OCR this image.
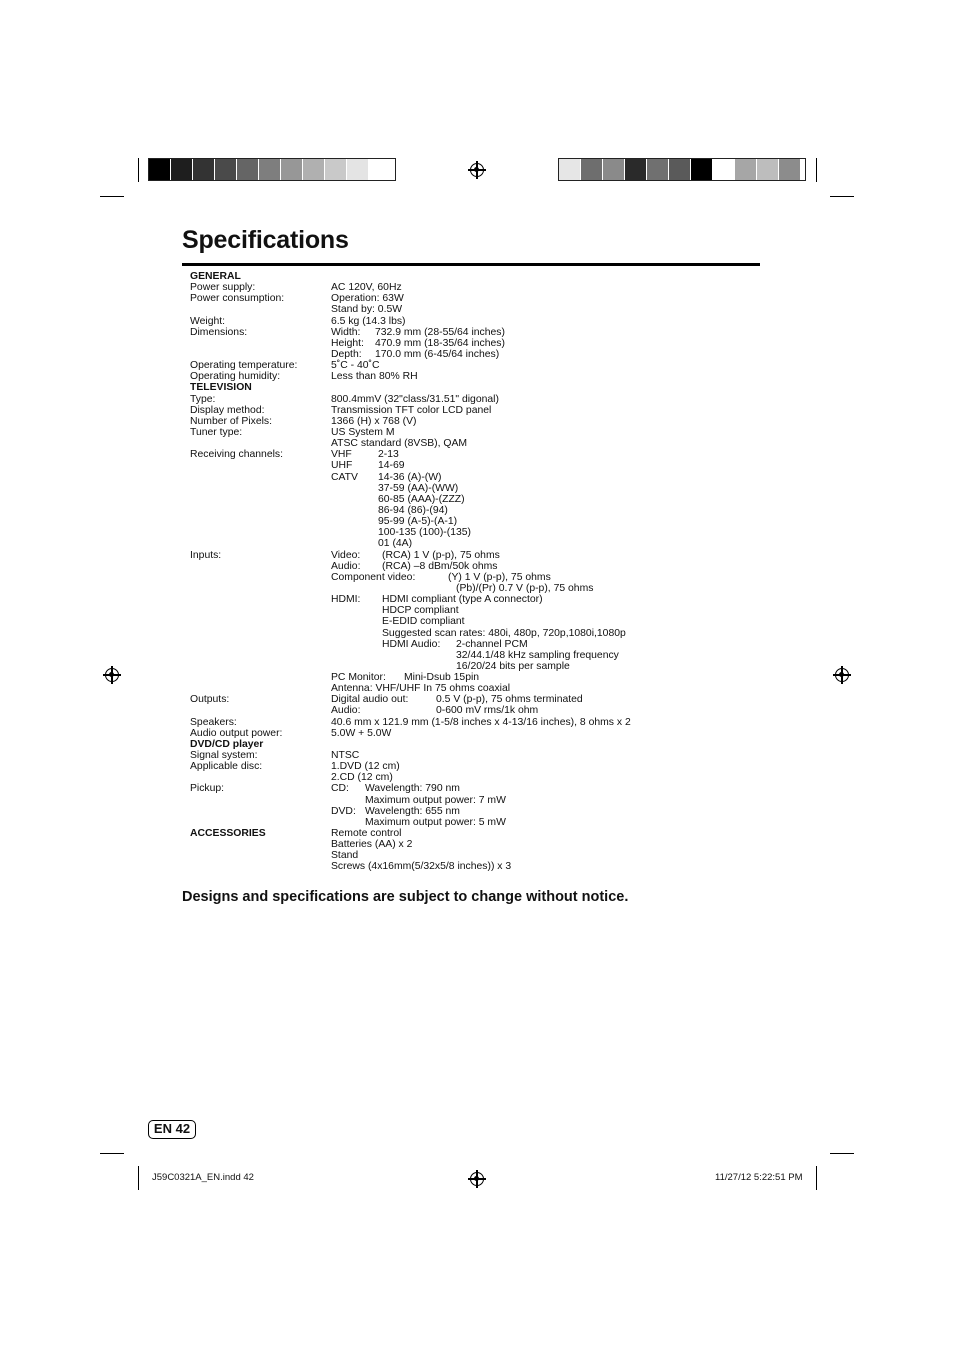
Specifications
GENERAL
Power supply:	AC 120V, 60Hz
Power consumption:	Operation: 63W
Stand by: 0.5W
Weight:	6.5 kg (14.3 lbs)
Dimensions:	Width: 732.9 mm (28-55/64 inches)
Height: 470.9 mm (18-35/64 inches)
Depth: 170.0 mm (6-45/64 inches)
Operating temperature:	5˚C - 40˚C
Operating humidity:	Less than 80% RH
TELEVISION
Type:	800.4mmV (32"class/31.51" digonal)
Display method:	Transmission TFT color LCD panel
Number of Pixels:	1366 (H) x 768 (V)
Tuner type:	US System M
ATSC standard (8VSB), QAM
Receiving channels:	VHF	2-13
UHF 14-69
CATV 14-36 (A)-(W)
37-59 (AA)-(WW)
60-85 (AAA)-(ZZZ)
86-94 (86)-(94)
95-99 (A-5)-(A-1)
100-135 (100)-(135)
01 (4A)
Inputs:	Video: (RCA) 1 V (p-p), 75 ohms
Audio: (RCA) –8 dBm/50k ohms
Component video:	(Y) 1 V (p-p), 75 ohms
(Pb)/(Pr) 0.7 V (p-p), 75 ohms
HDMI: HDMI compliant (type A connector)
HDCP compliant
E-EDID compliant
Suggested scan rates: 480i, 480p, 720p,1080i,1080p
HDMI Audio: 2-channel PCM
32/44.1/48 kHz sampling frequency
16/20/24 bits per sample
PC Monitor: Mini-Dsub 15pin
Antenna: VHF/UHF In 75 ohms coaxial
Outputs:	Digital audio out:	0.5 V (p-p), 75 ohms terminated
Audio:	0-600 mV rms/1k ohm
Speakers:	40.6 mm x 121.9 mm (1-5/8 inches x 4-13/16 inches), 8 ohms x 2
Audio output power:	5.0W + 5.0W
DVD/CD player
Signal system:	NTSC
Applicable disc:	1.DVD (12 cm)
2.CD (12 cm)
Pickup:	CD: Wavelength: 790 nm
Maximum output power: 7 mW
DVD: Wavelength: 655 nm
Maximum output power: 5 mW
ACCESSORIES	Remote control
Batteries (AA) x 2
Stand
Screws (4x16mm(5/32x5/8 inches)) x 3
Designs and specifications are subject to change without notice.
EN 42
J59C0321A_EN.indd 42	11/27/12 5:22:51 PM
